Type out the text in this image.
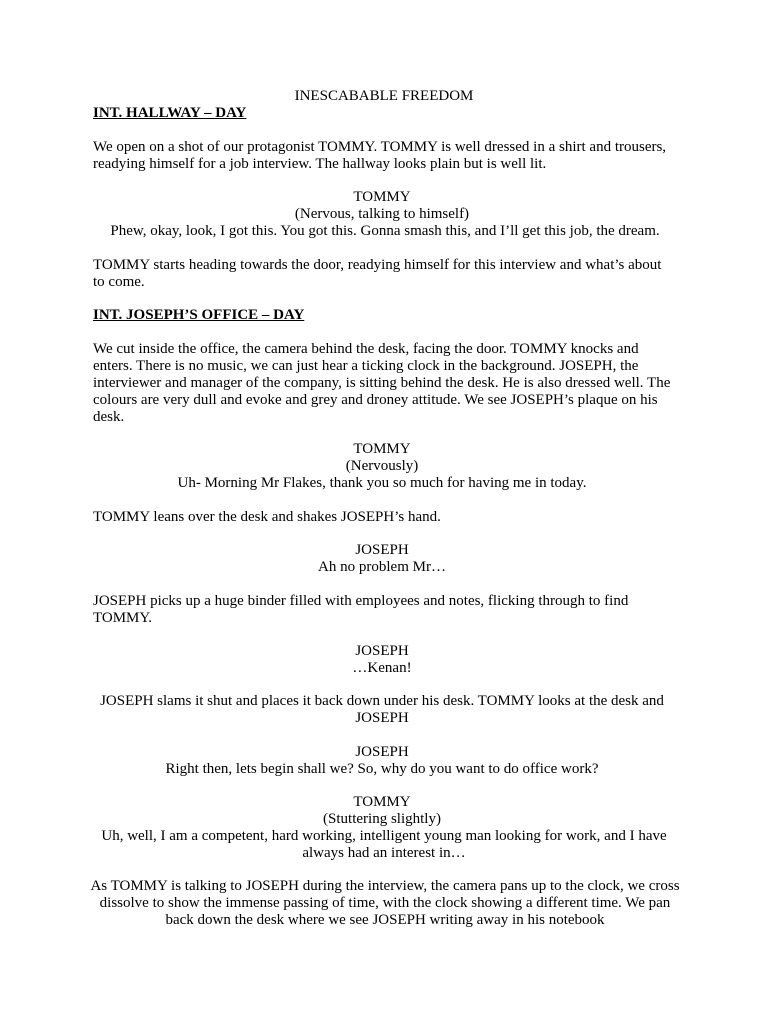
INESCABABLE FREEDOM

INT. HALLWAY – DAY

We open on a shot of our protagonist TOMMY. TOMMY is well dressed in a shirt and trousers, readying himself for a job interview. The hallway looks plain but is well lit.

TOMMY

(Nervous, talking to himself)

Phew, okay, look, I got this. You got this. Gonna smash this, and I’ll get this job, the dream.

TOMMY starts heading towards the door, readying himself for this interview and what’s about to come.

INT. JOSEPH’S OFFICE – DAY

We cut inside the office, the camera behind the desk, facing the door. TOMMY knocks and enters. There is no music, we can just hear a ticking clock in the background. JOSEPH, the interviewer and manager of the company, is sitting behind the desk. He is also dressed well. The colours are very dull and evoke and grey and droney attitude. We see JOSEPH’s plaque on his desk.

TOMMY

(Nervously)

Uh- Morning Mr Flakes, thank you so much for having me in today.

TOMMY leans over the desk and shakes JOSEPH’s hand.

JOSEPH

Ah no problem Mr…

JOSEPH picks up a huge binder filled with employees and notes, flicking through to find TOMMY.

JOSEPH

…Kenan!

JOSEPH slams it shut and places it back down under his desk. TOMMY looks at the desk and JOSEPH

JOSEPH

Right then, lets begin shall we? So, why do you want to do office work?

TOMMY

(Stuttering slightly)

Uh, well, I am a competent, hard working, intelligent young man looking for work, and I have always had an interest in…

As TOMMY is talking to JOSEPH during the interview, the camera pans up to the clock, we cross dissolve to show the immense passing of time, with the clock showing a different time. We pan back down the desk where we see JOSEPH writing away in his notebook
